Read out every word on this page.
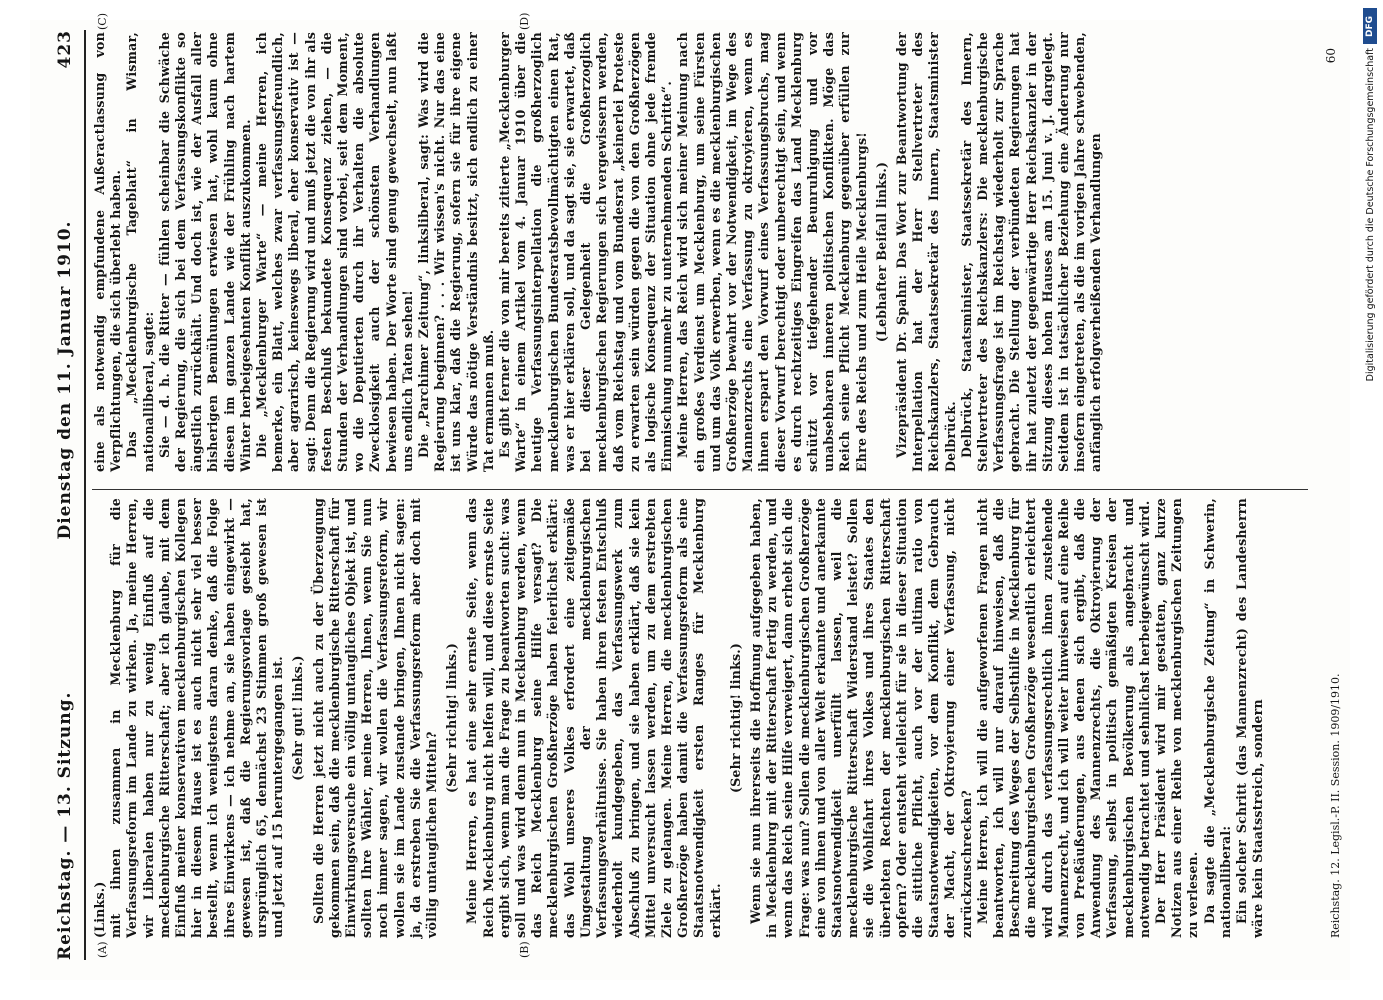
Reichstag. — 13. Sitzung.
Dienstag den 11. Januar 1910.
423

(Links.) mit ihnen zusammen in Mecklenburg für die Verfassungsreform im Lande zu wirken. Ja, meine Herren, wir Liberalen haben nur zu wenig Einfluß auf die mecklenburgische Ritterschaft; aber ich glaube, mit dem Einfluß meiner konservativen mecklenburgischen Kollegen hier in diesem Hause ist es auch nicht sehr viel besser bestellt, wenn ich wenigstens daran denke, daß die Folge ihres Einwirkens — ich nehme an, sie haben eingewirkt — gewesen ist, daß die Regierungsvorlage gesiebt hat, ursprünglich 65, dennächst 23 Stimmen groß gewesen ist und jetzt auf 15 heruntergegangen ist. (Sehr gut! links.) Sollten die Herren jetzt nicht auch zu der Überzeugung gekommen sein, daß die mecklenburgische Ritterschaft für Einwirkungsversuche ein völlig untaugliches Objekt ist, und sollten Ihre Wähler, meine Herren, Ihnen, wenn Sie nun noch immer sagen, wir wollen die Verfassungsreform, wir wollen sie im Lande zustande bringen, Ihnen nicht sagen: ja, da erstreben Sie die Verfassungsreform aber doch mit völlig untauglichen Mitteln?

(Sehr richtig! links.) Meine Herren, es hat eine sehr ernste Seite, wenn das Reich Mecklenburg nicht helfen will, und diese ernste Seite ergibt sich, wenn man die Frage zu beantworten sucht: was soll und was wird denn nun in Mecklenburg werden, wenn das Reich Mecklenburg seine Hilfe versagt? Die mecklenburgischen Großherzöge haben feierlichst erklärt: das Wohl unseres Volkes erfordert eine zeitgemäße Umgestaltung der mecklenburgischen Verfassungsverhältnisse. Sie haben ihren festen Entschluß wiederholt kundgegeben, das Verfassungswerk zum Abschluß zu bringen, und sie haben erklärt, daß sie kein Mittel unversucht lassen werden, um zu dem erstrebten Ziele zu gelangen. Meine Herren, die mecklenburgischen Großherzöge haben damit die Verfassungsreform als eine Staatsnotwendigkeit ersten Ranges für Mecklenburg erklärt.

(Sehr richtig! links.) Wenn sie nun ihrerseits die Hoffnung aufgegeben haben, in Mecklenburg mit der Ritterschaft fertig zu werden, und wenn das Reich seine Hilfe verweigert, dann erhebt sich die Frage: was nun? Sollen die mecklenburgischen Großherzöge eine von ihnen und von aller Welt erkannte und anerkannte Staatsnotwendigkeit unerfüllt lassen, weil die mecklenburgische Ritterschaft Widerstand leistet? Sollen sie die Wohlfahrt ihres Volkes und ihres Staates den überlebten Rechten der mecklenburgischen Ritterschaft opfern? Oder entsteht vielleicht für sie in dieser Situation die sittliche Pflicht, auch vor der ultima ratio von Staatsnotwendigkeiten, vor dem Konflikt, dem Gebrauch der Macht, der Oktroyierung einer Verfassung, nicht zurückzuschrecken? Meine Herren, ich will die aufgeworfenen Fragen nicht beantworten, ich will nur darauf hinweisen, daß die Beschreitung des Weges der Selbsthilfe in Mecklenburg für die mecklenburgischen Großherzöge wesentlich erleichtert wird durch das verfassungsrechtlich ihnen zustehende Mannenzrecht, und ich will weiter hinweisen auf eine Reihe von Preßäußerungen, aus denen sich ergibt, daß die Anwendung des Mannenzrechts, die Oktroyierung der Verfassung, selbst in politisch gemäßigten Kreisen der mecklenburgischen Bevölkerung als angebracht und notwendig betrachtet und sehnlichst herbeigewünscht wird. Der Herr Präsident wird mir gestatten, ganz kurze Notizen aus einer Reihe von mecklenburgischen Zeitungen zu verlesen. Da sagte die „Mecklenburgische Zeitung“ in Schwerin, nationalliberal: Ein solcher Schritt (das Mannenzrecht) des Landesherrn wäre kein Staatsstreich, sondern

eine als notwendig empfundene Außeractlassung von Verpflichtungen, die sich überlebt haben. Das „Mecklenburgische Tageblatt“ in Wismar, nationalliberal, sagte: Sie — d. h. die Ritter — fühlen scheinbar die Schwäche der Regierung, die sich bei dem Verfassungskonflikte so ängstlich zurückhält. Und doch ist, wie der Ausfall aller bisherigen Bemühungen erwiesen hat, wohl kaum ohne diesen im ganzen Lande wie der Frühling nach hartem Winter herbeigesehnten Konflikt auszukommen. Die „Mecklenburger Warte“ — meine Herren, ich bemerke, ein Blatt, welches zwar verfassungsfreundlich, aber agrarisch, keineswegs liberal, eher konservativ ist — sagt: Denn die Regierung wird und muß jetzt die von ihr als festen Beschluß bekundete Konsequenz ziehen, — die Stunden der Verhandlungen sind vorbei, seit dem Moment, wo die Deputierten durch ihr Verhalten die absolute Zwecklosigkeit auch der schönsten Verhandlungen bewiesen haben. Der Worte sind genug gewechselt, nun laßt uns endlich Taten sehen! Die „Parchimer Zeitung“, linksliberal, sagt: Was wird die Regierung beginnen? . . . Wir wissen's nicht. Nur das eine ist uns klar, daß die Regierung, sofern sie für ihre eigene Würde das nötige Verständnis besitzt, sich endlich zu einer Tat ermannen muß. Es gibt ferner die von mir bereits zitierte „Mecklenburger Warte“ in einem Artikel vom 4. Januar 1910 über die heutige Verfassungsinterpellation die großherzoglich mecklenburgischen Bundesratsbevollmächtigten einen Rat, was er hier erklären soll, und da sagt sie, sie erwartet, daß bei dieser Gelegenheit die Großherzoglich mecklenburgischen Regierungen sich vergewissern werden, daß vom Reichstag und vom Bundesrat „keinerlei Proteste zu erwarten sein würden gegen die von den Großherzögen als logische Konsequenz der Situation ohne jede fremde Einmischung nunmehr zu unternehmenden Schritte“. Meine Herren, das Reich wird sich meiner Meinung nach ein großes Verdienst um Mecklenburg, um seine Fürsten und um das Volk erwerben, wenn es die mecklenburgischen Großherzöge bewahrt vor der Notwendigkeit, im Wege des Mannenzrechts eine Verfassung zu oktroyieren, wenn es ihnen erspart den Vorwurf eines Verfassungsbruchs, mag dieser Vorwurf berechtigt oder unberechtigt sein, und wenn es durch rechtzeitiges Eingreifen das Land Mecklenburg schützt vor tiefgehender Beunruhigung und vor unabsehbaren inneren politischen Konflikten. Möge das Reich seine Pflicht Mecklenburg gegenüber erfüllen zur Ehre des Reichs und zum Heile Mecklenburgs! (Lebhafter Beifall links.) Vizepräsident Dr. Spahn: Das Wort zur Beantwortung der Interpellation hat der Herr Stellvertreter des Reichskanzlers, Staatssekretär des Innern, Staatsminister Delbrück. Delbrück, Staatsminister, Staatssekretär des Innern, Stellvertreter des Reichskanzlers: Die mecklenburgische Verfassungsfrage ist im Reichstag wiederholt zur Sprache gebracht. Die Stellung der verbündeten Regierungen hat ihr hat zuletzt der gegenwärtige Herr Reichskanzler in der Sitzung dieses hohen Hauses am 15. Juni v. J. dargelegt. Seitdem ist in tatsächlicher Beziehung eine Änderung nur insofern eingetreten, als die im vorigen Jahre schwebenden, anfänglich erfolgverheißenden Verhandlungen

(A)	(B)
(C)	(D)
Reichstag. 12. Legisl.-P. II. Session. 1909/1910.
60
DFG
Digitalisierung gefördert durch die Deutsche Forschungsgemeinschaft
